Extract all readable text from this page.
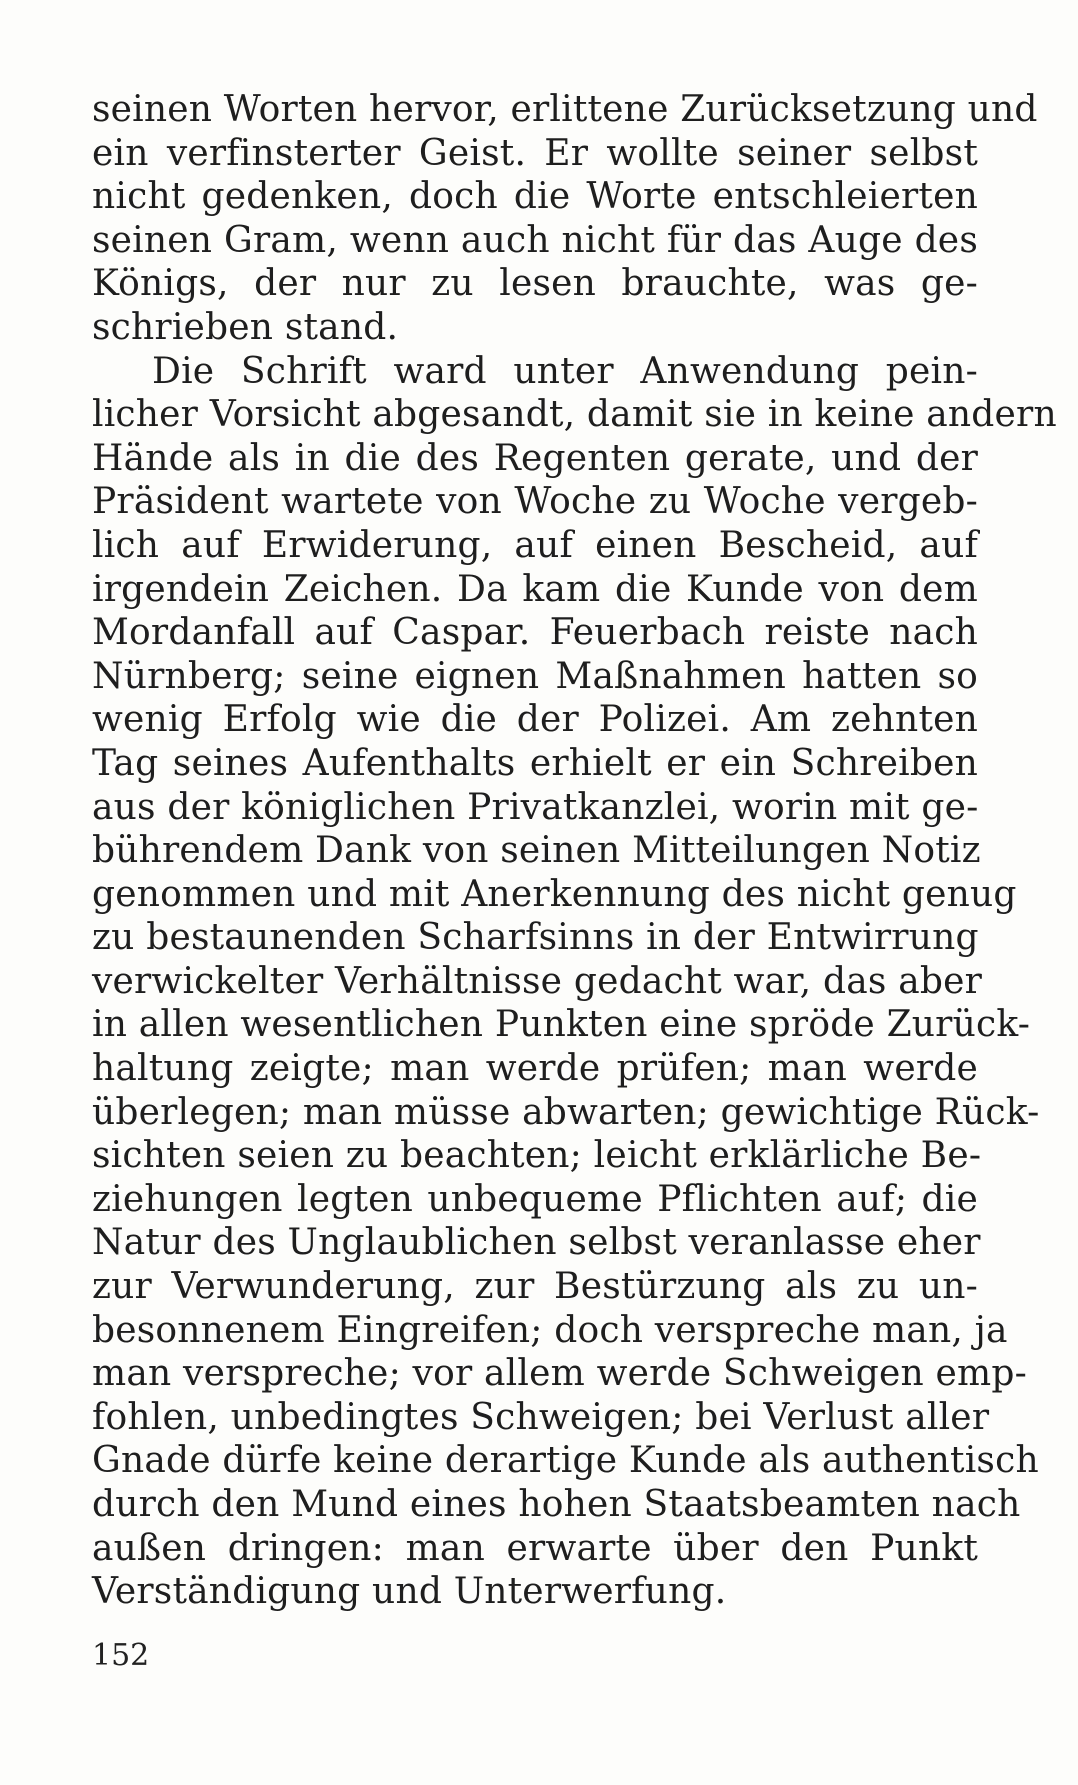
seinen Worten hervor, erlittene Zurücksetzung und
ein verfinsterter Geist. Er wollte seiner selbst
nicht gedenken, doch die Worte entschleierten
seinen Gram, wenn auch nicht für das Auge des
Königs, der nur zu lesen brauchte, was ge-
schrieben stand.
Die Schrift ward unter Anwendung pein-
licher Vorsicht abgesandt, damit sie in keine andern
Hände als in die des Regenten gerate, und der
Präsident wartete von Woche zu Woche vergeb-
lich auf Erwiderung, auf einen Bescheid, auf
irgendein Zeichen. Da kam die Kunde von dem
Mordanfall auf Caspar. Feuerbach reiste nach
Nürnberg; seine eignen Maßnahmen hatten so
wenig Erfolg wie die der Polizei. Am zehnten
Tag seines Aufenthalts erhielt er ein Schreiben
aus der königlichen Privatkanzlei, worin mit ge-
bührendem Dank von seinen Mitteilungen Notiz
genommen und mit Anerkennung des nicht genug
zu bestaunenden Scharfsinns in der Entwirrung
verwickelter Verhältnisse gedacht war, das aber
in allen wesentlichen Punkten eine spröde Zurück-
haltung zeigte; man werde prüfen; man werde
überlegen; man müsse abwarten; gewichtige Rück-
sichten seien zu beachten; leicht erklärliche Be-
ziehungen legten unbequeme Pflichten auf; die
Natur des Unglaublichen selbst veranlasse eher
zur Verwunderung, zur Bestürzung als zu un-
besonnenem Eingreifen; doch verspreche man, ja
man verspreche; vor allem werde Schweigen emp-
fohlen, unbedingtes Schweigen; bei Verlust aller
Gnade dürfe keine derartige Kunde als authentisch
durch den Mund eines hohen Staatsbeamten nach
außen dringen: man erwarte über den Punkt
Verständigung und Unterwerfung.
152
